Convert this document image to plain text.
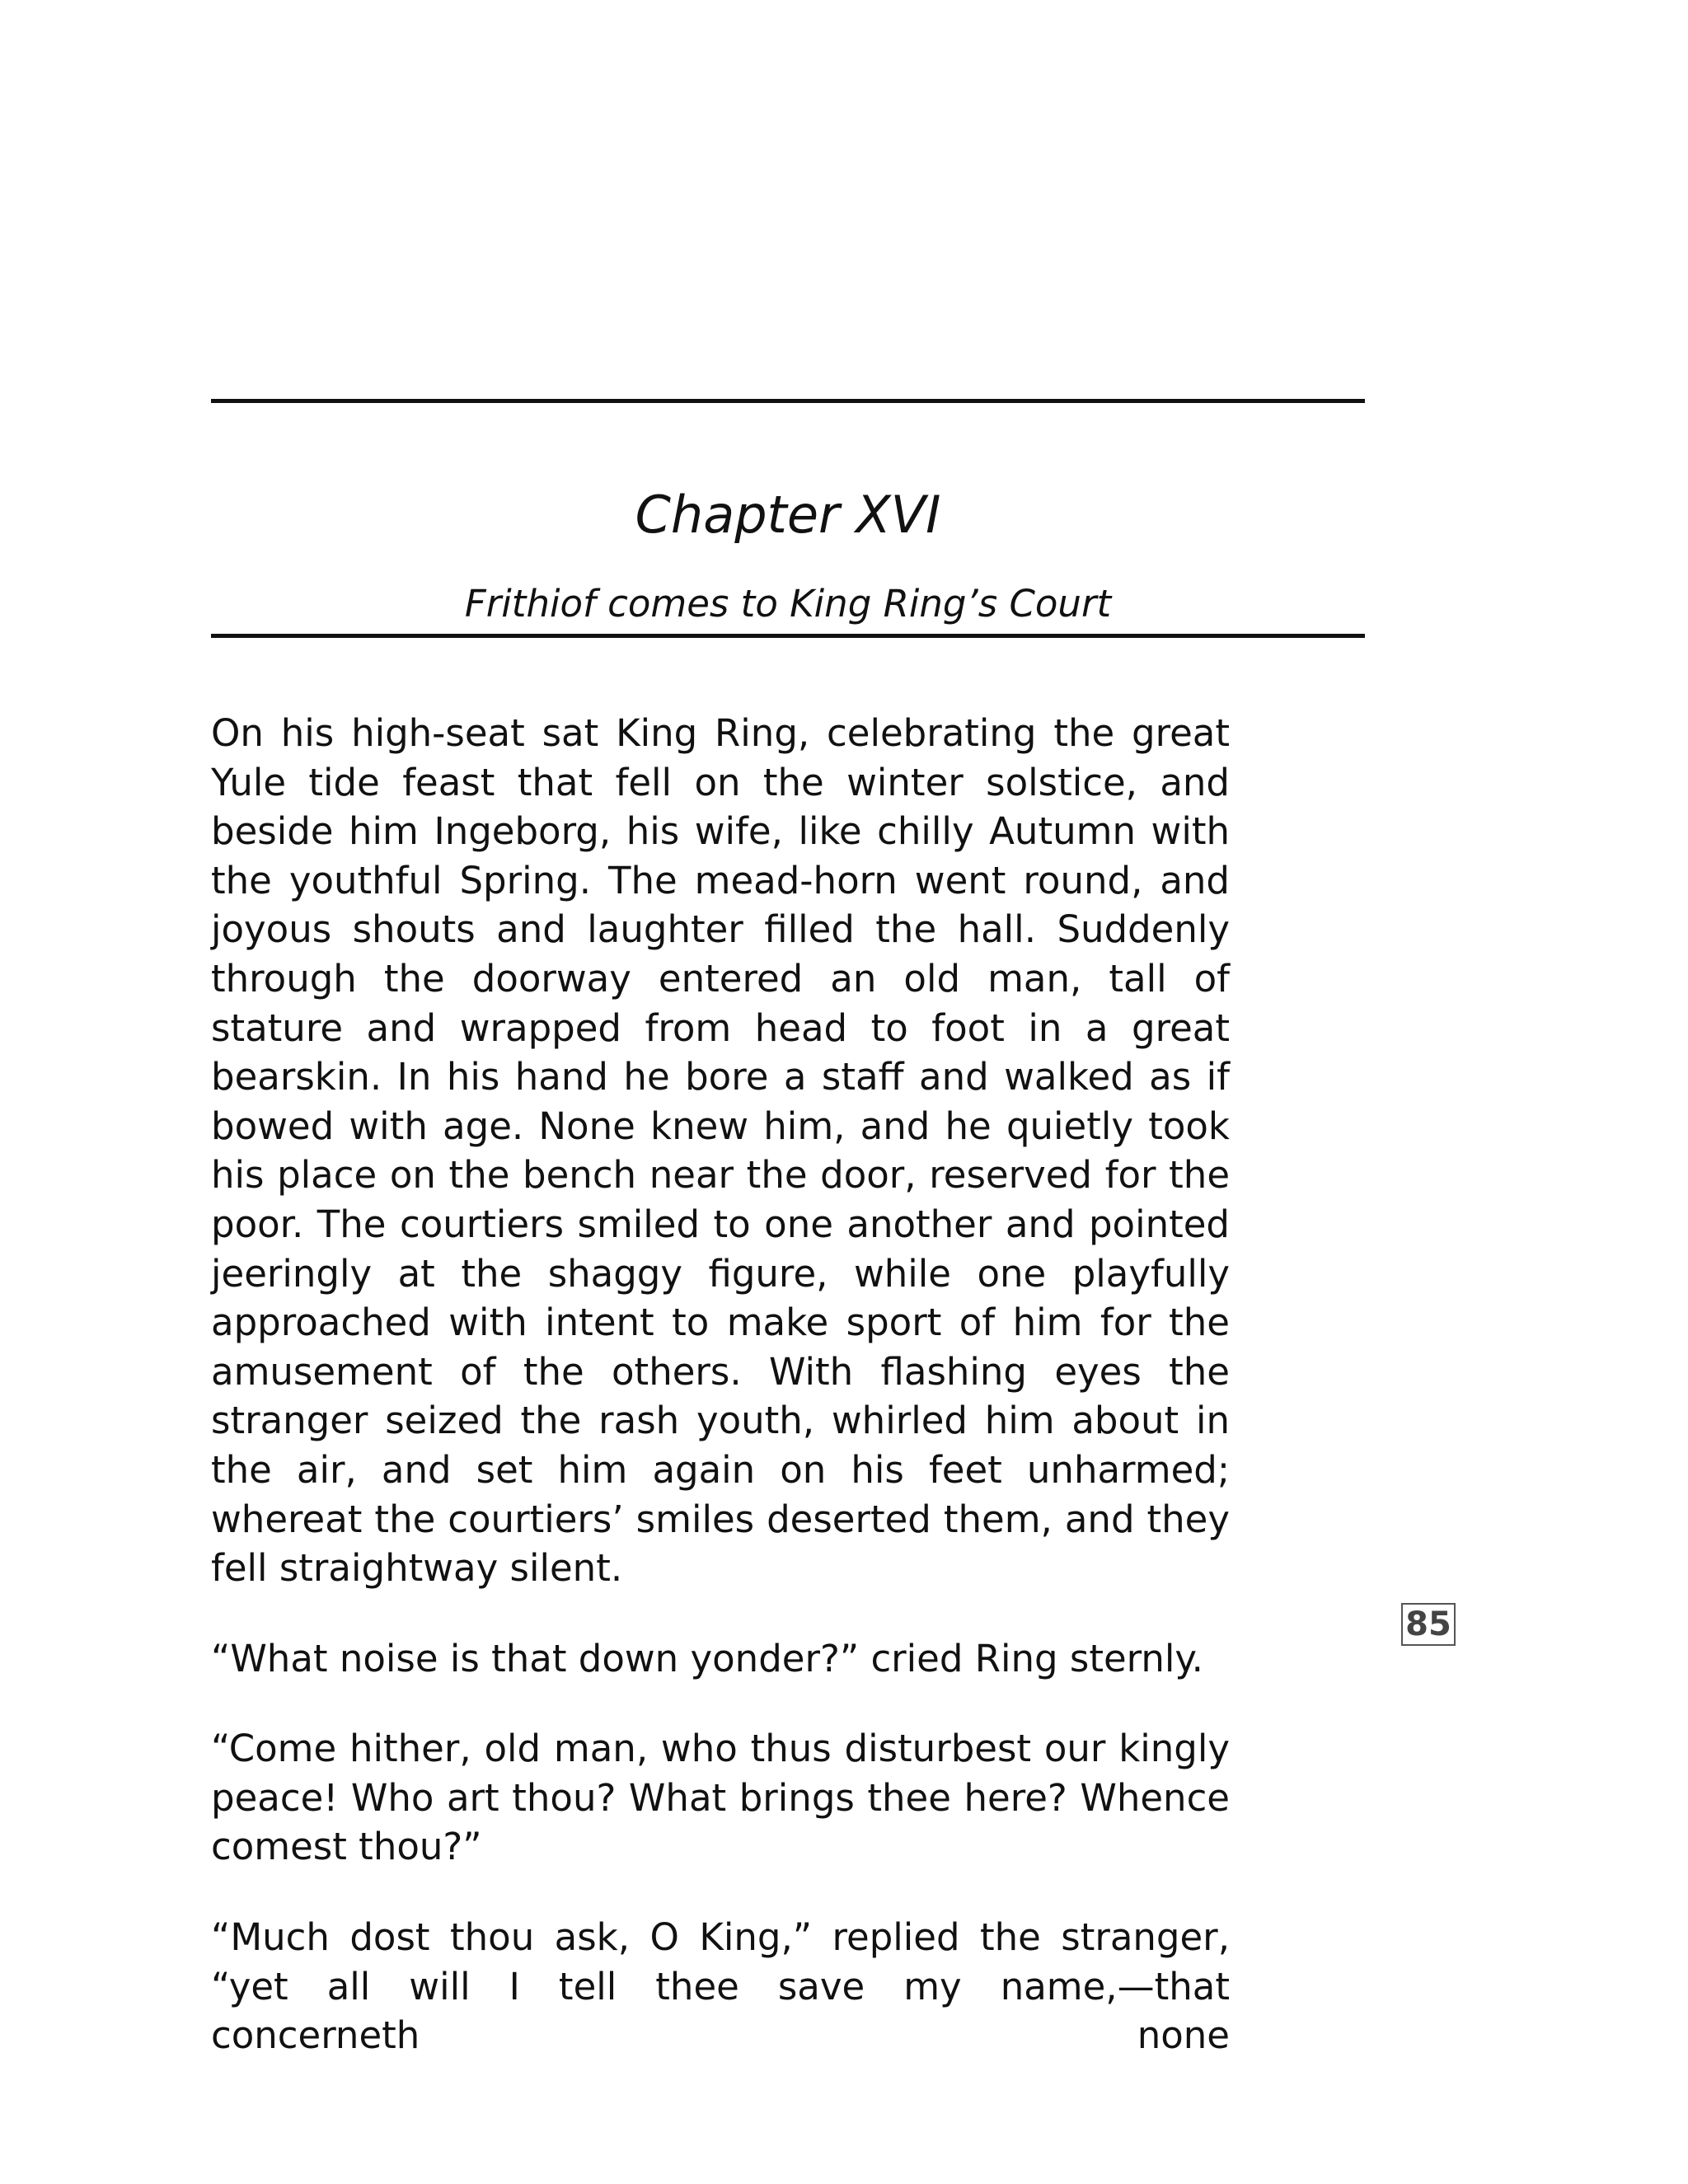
Chapter XVI
Frithiof comes to King Ring’s Court

On his high-seat sat King Ring, celebrating the great Yule tide feast that fell on the winter solstice, and beside him Ingeborg, his wife, like chilly Autumn with the youthful Spring. The mead-horn went round, and joyous shouts and laughter filled the hall. Suddenly through the doorway entered an old man, tall of stature and wrapped from head to foot in a great bearskin. In his hand he bore a staff and walked as if bowed with age. None knew him, and he quietly took his place on the bench near the door, reserved for the poor. The courtiers smiled to one another and pointed jeeringly at the shaggy figure, while one playfully approached with intent to make sport of him for the amusement of the others. With flashing eyes the stranger seized the rash youth, whirled him about in the air, and set him again on his feet unharmed; whereat the courtiers’ smiles deserted them, and they fell straightway silent.

“What noise is that down yonder?” cried Ring sternly.

“Come hither, old man, who thus disturbest our kingly peace! Who art thou? What brings thee here? Whence comest thou?”

“Much dost thou ask, O King,” replied the stranger, “yet all will I tell thee save my name,—that concerneth none

85
